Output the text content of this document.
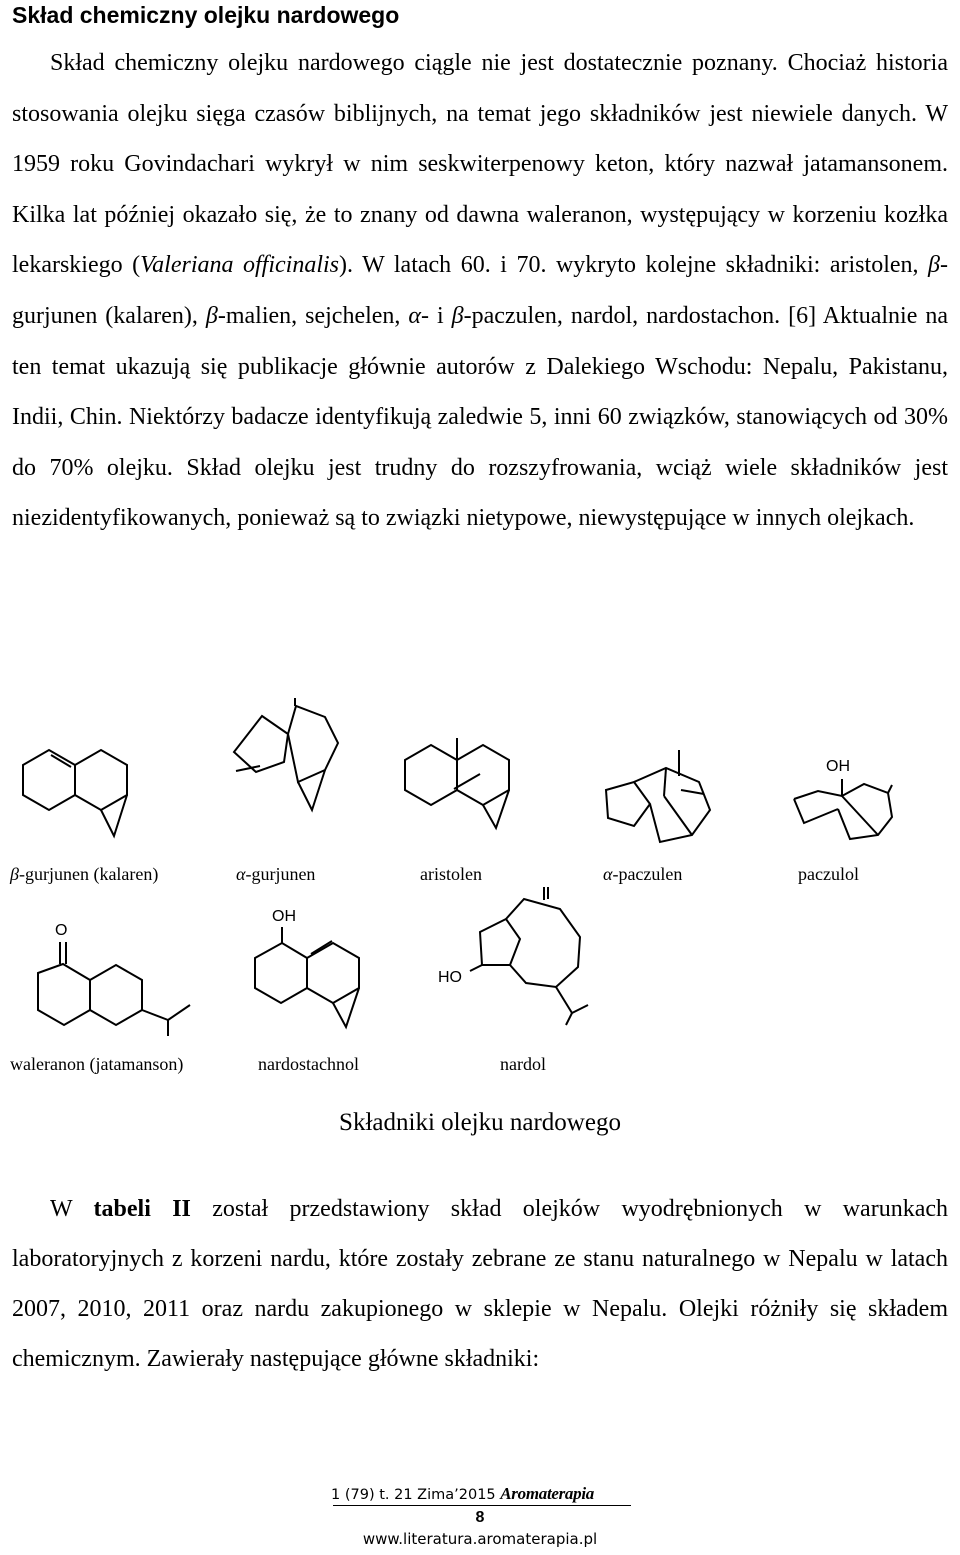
Skład chemiczny olejku nardowego

Skład chemiczny olejku nardowego ciągle nie jest dostatecznie poznany. Chociaż historia stosowania olejku sięga czasów biblijnych, na temat jego składników jest niewiele danych. W 1959 roku Govindachari wykrył w nim seskwiterpenowy keton, który nazwał jatamansonem. Kilka lat później okazało się, że to znany od dawna waleranon, występujący w korzeniu kozłka lekarskiego (Valeriana officinalis). W latach 60. i 70. wykryto kolejne składniki: aristolen, β-gurjunen (kalaren), β-malien, sejchelen, α- i β-paczulen, nardol, nardostachon. [6] Aktualnie na ten temat ukazują się publikacje głównie autorów z Dalekiego Wschodu: Nepalu, Pakistanu, Indii, Chin. Niektórzy badacze identyfikują zaledwie 5, inni 60 związków, stanowiących od 30% do 70% olejku. Skład olejku jest trudny do rozszyfrowania, wciąż wiele składników jest niezidentyfikowanych, ponieważ są to związki nietypowe, niewystępujące w innych olejkach.

OH
β-gurjunen (kalaren)	α-gurjunen	aristolen	α-paczulen	paczulol
O
OH
HO
waleranon (jatamanson)	nardostachnol	nardol
Składniki olejku nardowego

W tabeli II został przedstawiony skład olejków wyodrębnionych w warunkach laboratoryjnych z korzeni nardu, które zostały zebrane ze stanu naturalnego w Nepalu w latach 2007, 2010, 2011 oraz nardu zakupionego w sklepie w Nepalu. Olejki różniły się składem chemicznym. Zawierały następujące główne składniki:

1 (79) t. 21 Zima’2015 Aromaterapia
8
www.literatura.aromaterapia.pl
